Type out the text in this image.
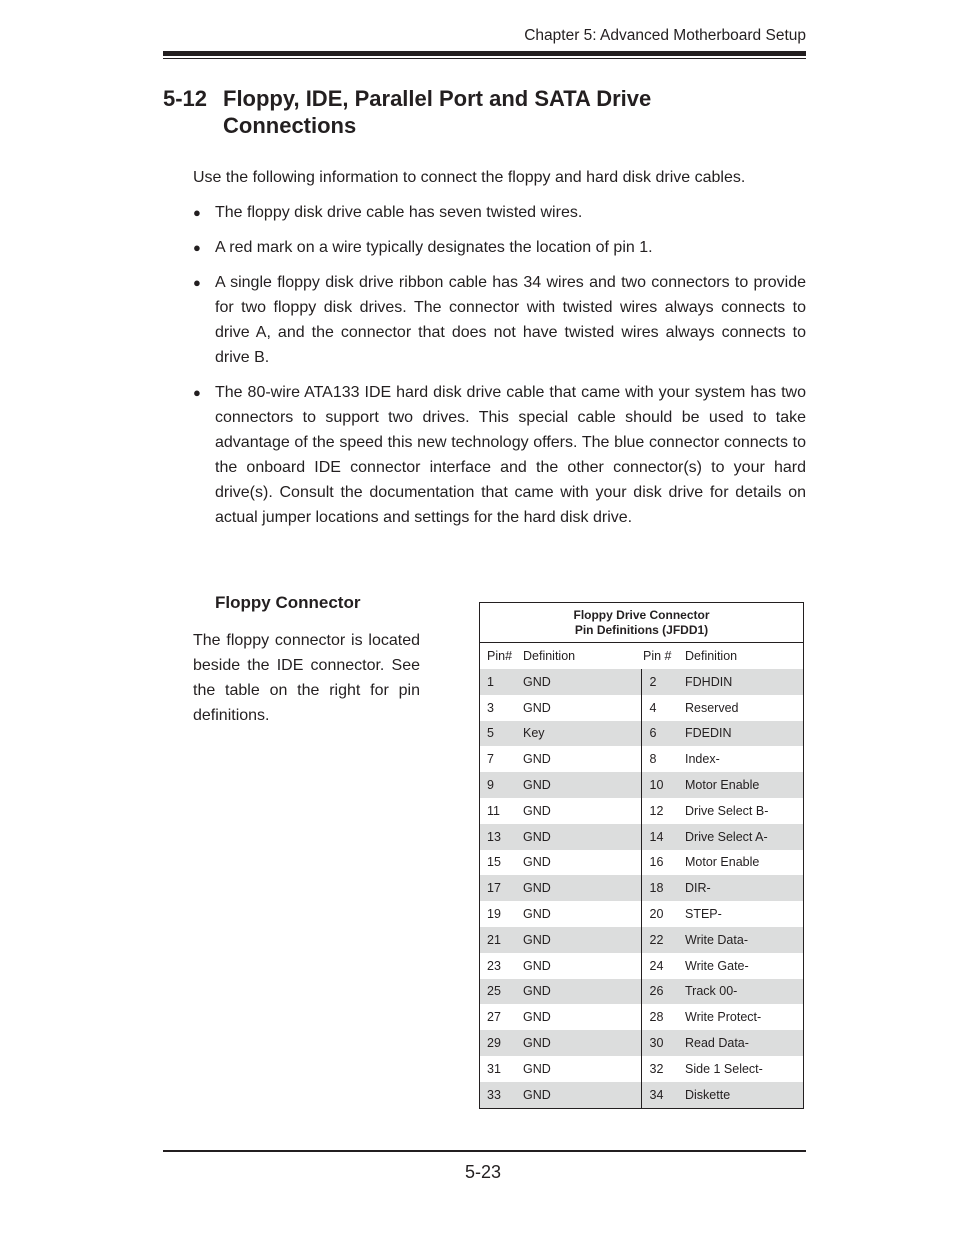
Chapter 5: Advanced Motherboard Setup
5-12 Floppy, IDE, Parallel Port and SATA Drive
Connections

Use the following information to connect the floppy and hard disk drive cables.

● The floppy disk drive cable has seven twisted wires.
● A red mark on a wire typically designates the location of pin 1.
● A single floppy disk drive ribbon cable has 34 wires and two connectors to provide for two floppy disk drives. The connector with twisted wires always connects to drive A, and the connector that does not have twisted wires always connects to drive B.
● The 80-wire ATA133 IDE hard disk drive cable that came with your system has two connectors to support two drives. This special cable should be used to take advantage of the speed this new technology offers. The blue connector connects to the onboard IDE connector interface and the other connector(s) to your hard drive(s). Consult the documentation that came with your disk drive for details on actual jumper locations and settings for the hard disk drive.
Floppy Connector

The floppy connector is located beside the IDE connector. See the table on the right for pin definitions.

Floppy Drive Connector
Pin Definitions (JFDD1)
Pin#	Definition	Pin #	Definition
1	GND	2	FDHDIN
3	GND	4	Reserved
5	Key	6	FDEDIN
7	GND	8	Index-
9	GND	10	Motor Enable
11	GND	12	Drive Select B-
13	GND	14	Drive Select A-
15	GND	16	Motor Enable
17	GND	18	DIR-
19	GND	20	STEP-
21	GND	22	Write Data-
23	GND	24	Write Gate-
25	GND	26	Track 00-
27	GND	28	Write Protect-
29	GND	30	Read Data-
31	GND	32	Side 1 Select-
33	GND	34	Diskette
5-23
